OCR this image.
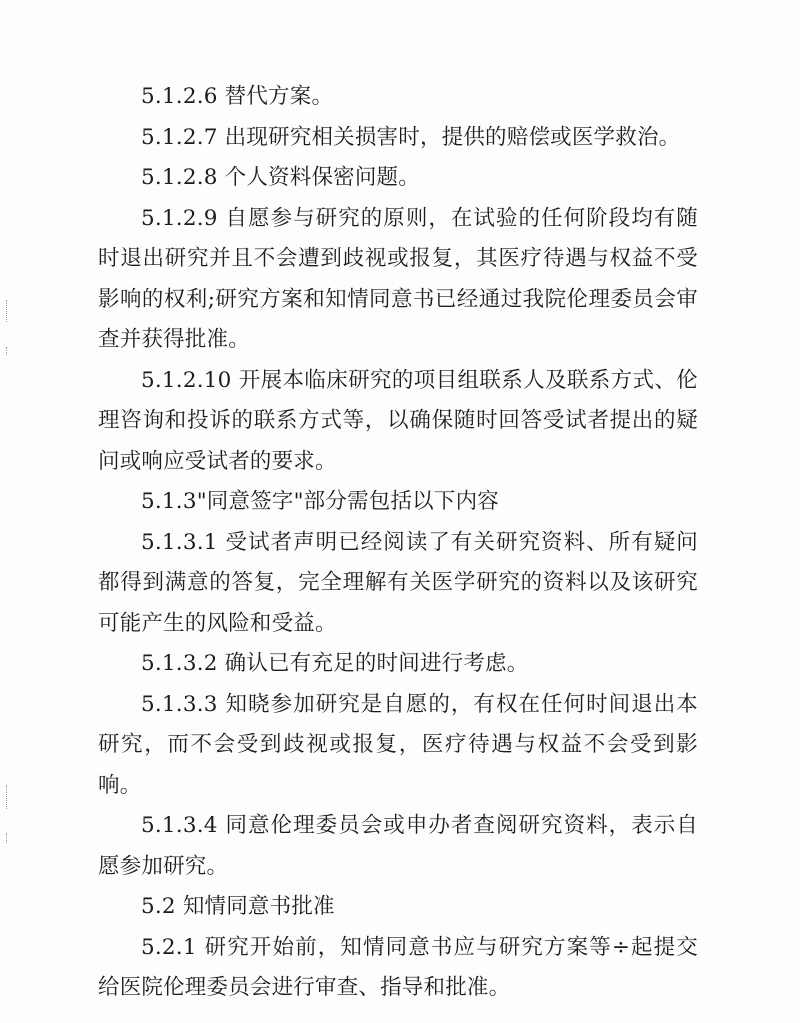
5.1.2.6 替代方案。

5.1.2.7 出现研究相关损害时，提供的赔偿或医学救治。

5.1.2.8 个人资料保密问题。

5.1.2.9 自愿参与研究的原则，在试验的任何阶段均有随时退出研究并且不会遭到歧视或报复，其医疗待遇与权益不受影响的权利;研究方案和知情同意书已经通过我院伦理委员会审查并获得批准。

5.1.2.10 开展本临床研究的项目组联系人及联系方式、伦理咨询和投诉的联系方式等，以确保随时回答受试者提出的疑问或响应受试者的要求。

5.1.3"同意签字"部分需包括以下内容

5.1.3.1 受试者声明已经阅读了有关研究资料、所有疑问都得到满意的答复，完全理解有关医学研究的资料以及该研究可能产生的风险和受益。

5.1.3.2 确认已有充足的时间进行考虑。

5.1.3.3 知晓参加研究是自愿的，有权在任何时间退出本研究，而不会受到歧视或报复，医疗待遇与权益不会受到影响。

5.1.3.4 同意伦理委员会或申办者查阅研究资料，表示自愿参加研究。

5.2 知情同意书批准

5.2.1 研究开始前，知情同意书应与研究方案等÷起提交给医院伦理委员会进行审查、指导和批准。
